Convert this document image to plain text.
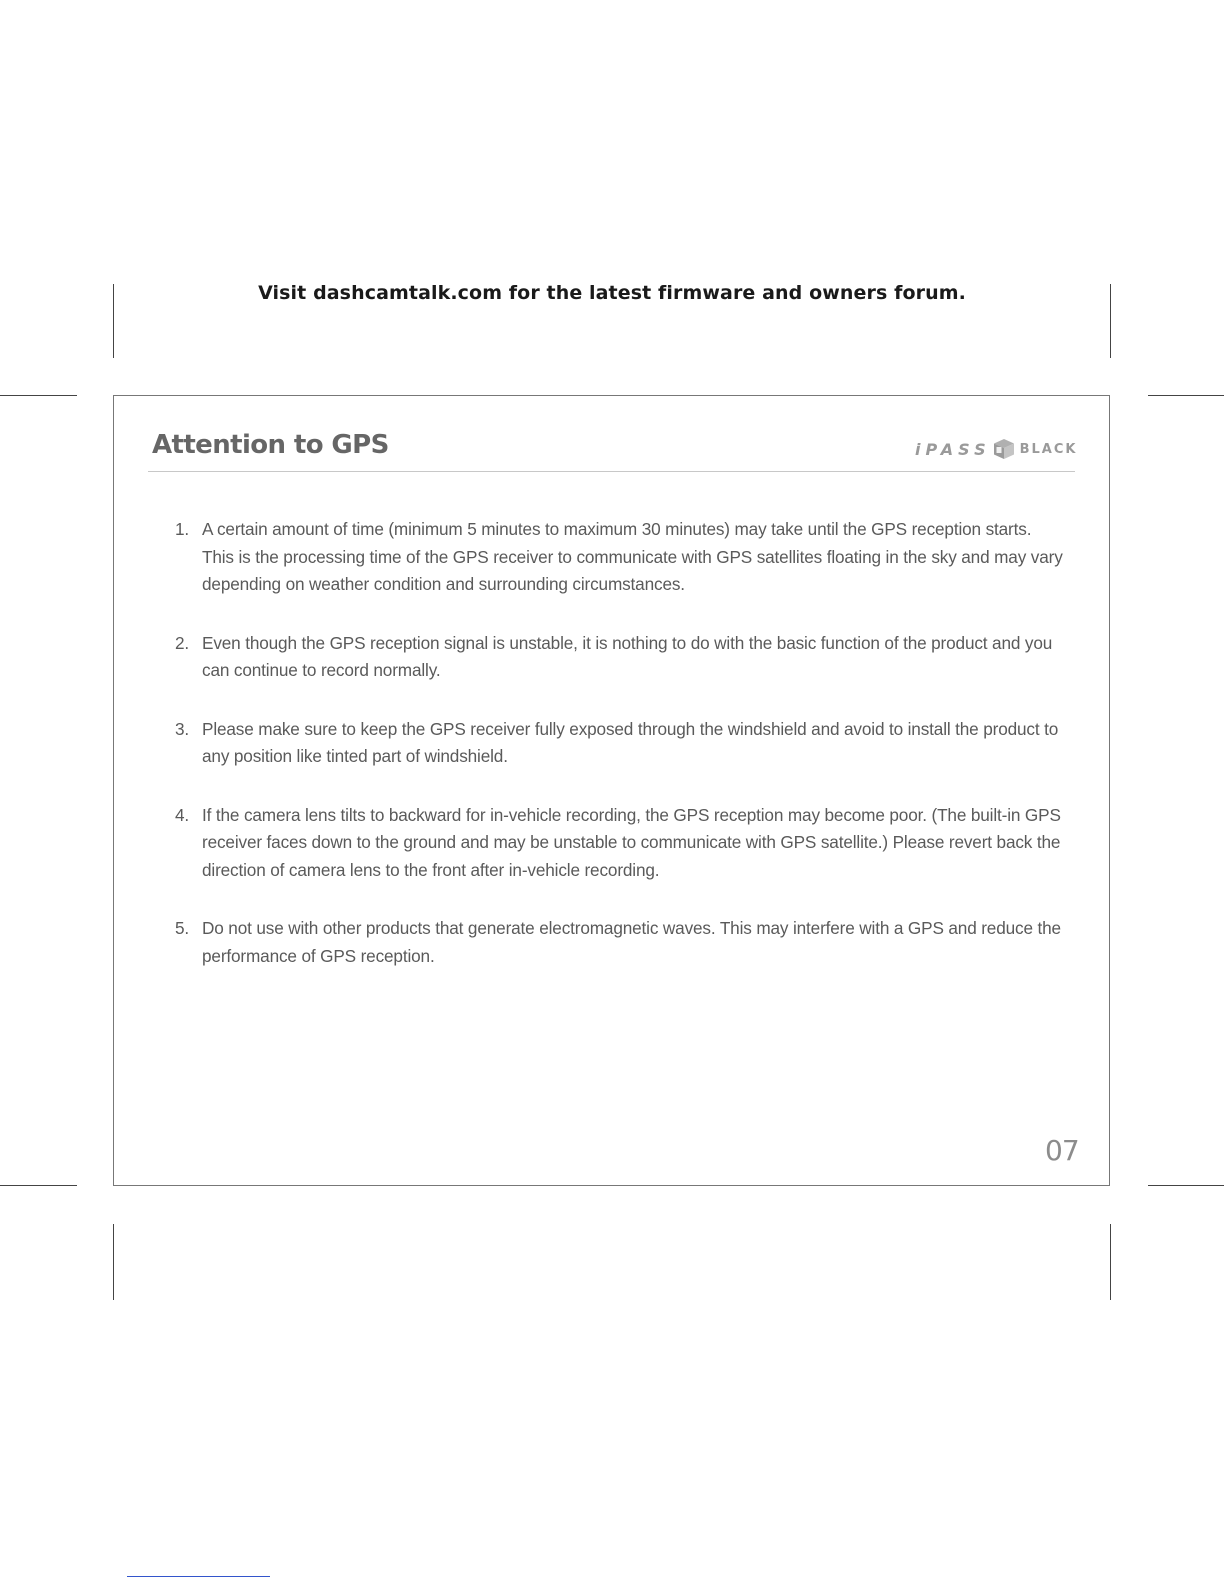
Visit dashcamtalk.com for the latest firmware and owners forum.
Attention to GPS	iPASS BLACK
1. A certain amount of time (minimum 5 minutes to maximum 30 minutes) may take until the GPS reception starts. This is the processing time of the GPS receiver to communicate with GPS satellites floating in the sky and may vary depending on weather condition and surrounding circumstances.
2. Even though the GPS reception signal is unstable, it is nothing to do with the basic function of the product and you can continue to record normally.
3. Please make sure to keep the GPS receiver fully exposed through the windshield and avoid to install the product to any position like tinted part of windshield.
4. If the camera lens tilts to backward for in-vehicle recording, the GPS reception may become poor. (The built-in GPS receiver faces down to the ground and may be unstable to communicate with GPS satellite.) Please revert back the direction of camera lens to the front after in-vehicle recording.
5. Do not use with other products that generate electromagnetic waves. This may interfere with a GPS and reduce the performance of GPS reception.
07
